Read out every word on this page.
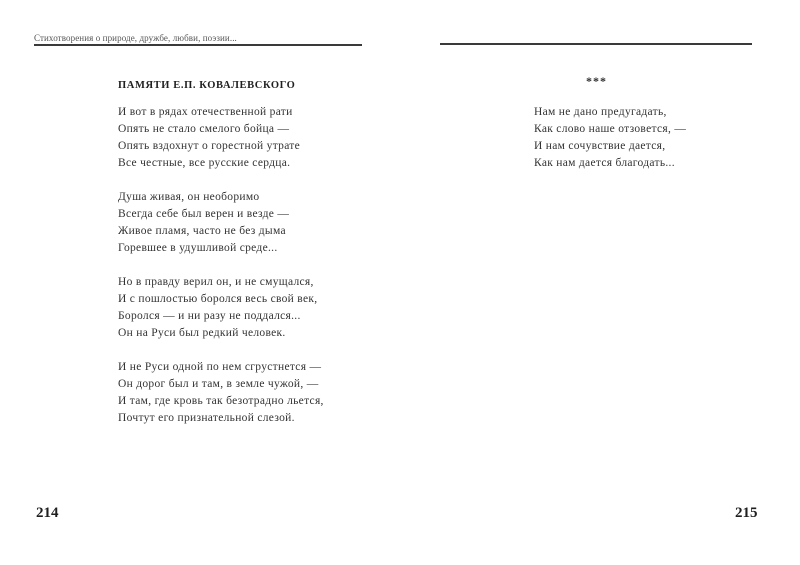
Стихотворения о природе, дружбе, любви, поэзии...
ПАМЯТИ Е.П. КОВАЛЕВСКОГО
И вот в рядах отечественной рати
Опять не стало смелого бойца —
Опять вздохнут о горестной утрате
Все честные, все русские сердца.
Душа живая, он необоримо
Всегда себе был верен и везде —
Живое пламя, часто не без дыма
Горевшее в удушливой среде...
Но в правду верил он, и не смущался,
И с пошлостью боролся весь свой век,
Боролся — и ни разу не поддался...
Он на Руси был редкий человек.
И не Руси одной по нем сгрустнется —
Он дорог был и там, в земле чужой, —
И там, где кровь так безотрадно льется,
Почтут его признательной слезой.
214
***
Нам не дано предугадать,
Как слово наше отзовется, —
И нам сочувствие дается,
Как нам дается благодать...
215
